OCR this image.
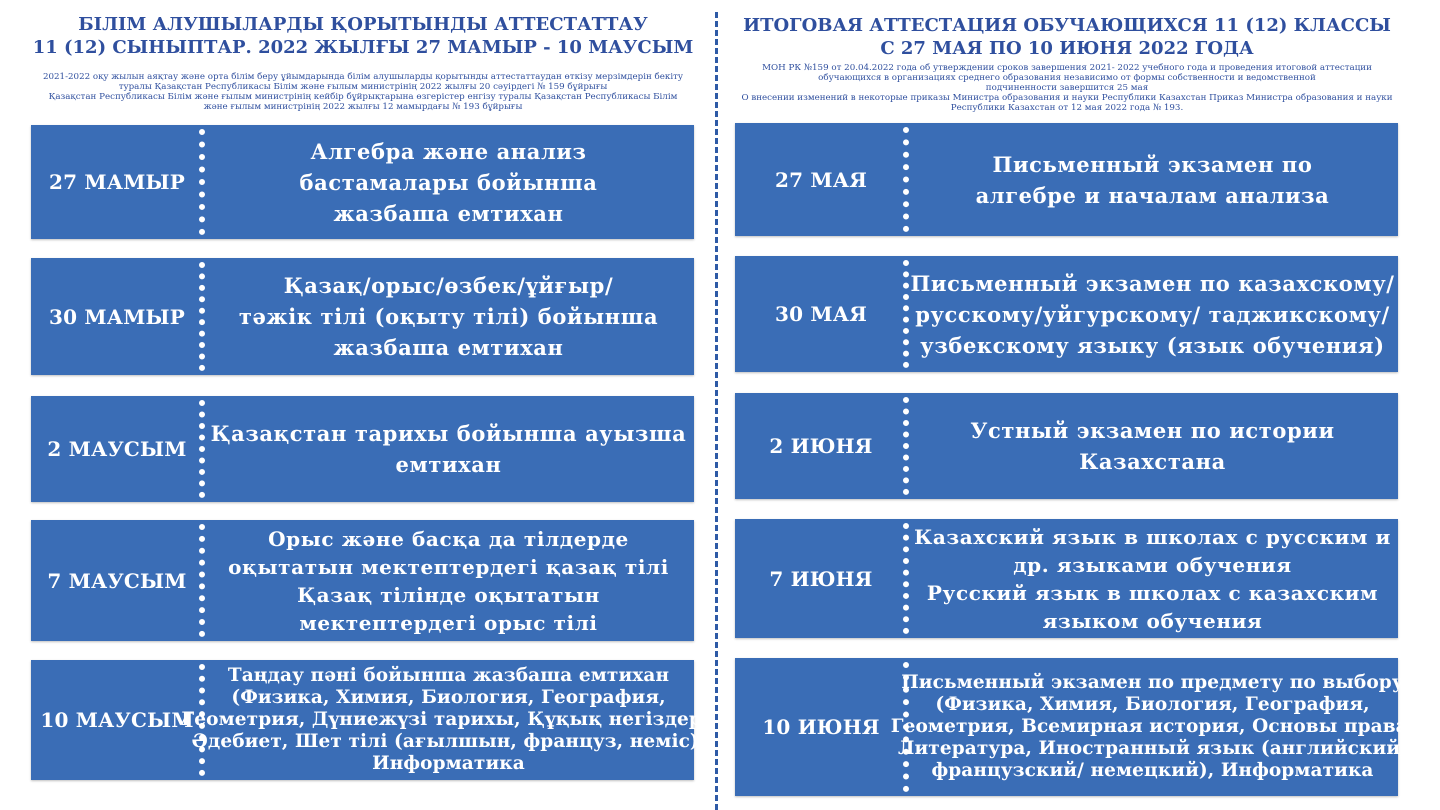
БІЛІМ АЛУШЫЛАРДЫ ҚОРЫТЫНДЫ АТТЕСТАТТАУ
11 (12) СЫНЫПТАР. 2022 ЖЫЛҒЫ 27 МАМЫР - 10 МАУСЫМ
2021-2022 оқу жылын аяқтау және орта білім беру ұйымдарында білім алушыларды қорытынды аттестаттаудан өткізу мерзімдерін бекіту
туралы Қазақстан Республикасы Білім және ғылым министрінің 2022 жылғы 20 сәуірдегі № 159 бұйрығы
Қазақстан Республикасы Білім және ғылым министрінің кейбір бұйрықтарына өзгерістер енгізу туралы Қазақстан Республикасы Білім
және ғылым министрінің 2022 жылғы 12 мамырдағы № 193 бұйрығы
27 МАМЫР
Алгебра және анализ
бастамалары бойынша
жазбаша емтихан
30 МАМЫР
Қазақ/орыс/өзбек/ұйғыр/
тәжік тілі (оқыту тілі) бойынша
жазбаша емтихан
2 МАУСЫМ
Қазақстан тарихы бойынша ауызша
емтихан
7 МАУСЫМ
Орыс және басқа да тілдерде
оқытатын мектептердегі қазақ тілі
Қазақ тілінде оқытатын
мектептердегі орыс тілі
10 МАУСЫМ
Таңдау пәні бойынша жазбаша емтихан
(Физика, Химия, Биология, География,
Геометрия, Дүниежүзі тарихы, Құқық негіздері,
Әдебиет, Шет тілі (ағылшын, француз, неміс),
Информатика
ИТОГОВАЯ АТТЕСТАЦИЯ ОБУЧАЮЩИХСЯ 11 (12) КЛАССЫ
С 27 МАЯ ПО 10 ИЮНЯ 2022 ГОДА
МОН РК №159 от 20.04.2022 года об утверждении сроков завершения 2021- 2022 учебного года и проведения итоговой аттестации
обучающихся в организациях среднего образования независимо от формы собственности и ведомственной
подчиненности завершится 25 мая
О внесении изменений в некоторые приказы Министра образования и науки Республики Казахстан Приказ Министра образования и науки
Республики Казахстан от 12 мая 2022 года № 193.
27 МАЯ
Письменный экзамен по
алгебре и началам анализа
30 МАЯ
Письменный экзамен по казахскому/
русскому/уйгурскому/ таджикскому/
узбекскому языку (язык обучения)
2 ИЮНЯ
Устный экзамен по истории
Казахстана
7 ИЮНЯ
Казахский язык в школах с русским и
др. языками обучения
Русский язык в школах с казахским
языком обучения
10 ИЮНЯ
Письменный экзамен по предмету по выбору
(Физика, Химия, Биология, География,
Геометрия, Всемирная история, Основы права,
Литература, Иностранный язык (английский/
французский/ немецкий), Информатика
